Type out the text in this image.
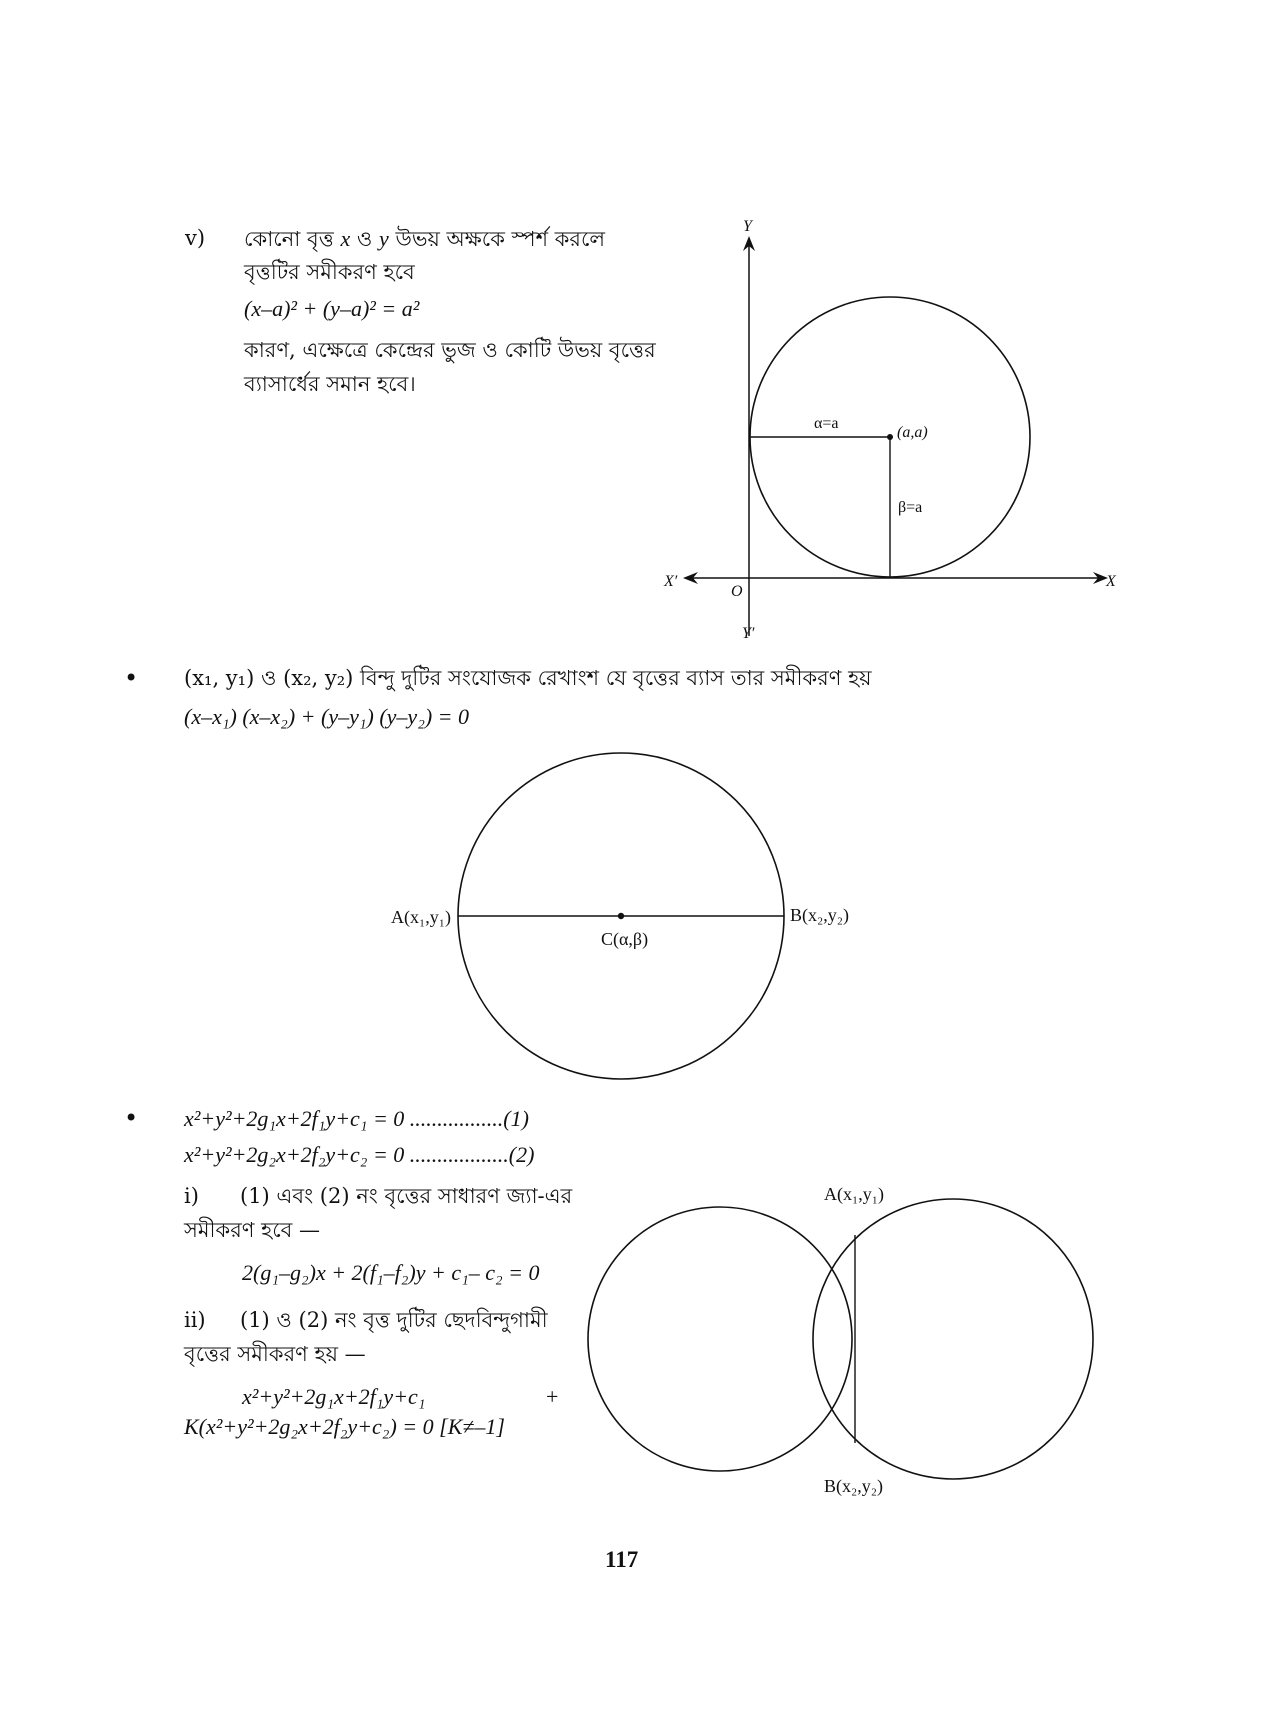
v) কোনো বৃত্ত x ও y উভয় অক্ষকে স্পর্শ করলে
বৃত্তটির সমীকরণ হবে
(x–a)² + (y–a)² = a²
কারণ, এক্ষেত্রে কেন্দ্রের ভুজ ও কোটি উভয় বৃত্তের
ব্যাসার্ধের সমান হবে।
Y
Y′
X
X′
O
(a,a)
α=a
β=a
• (x₁, y₁) ও (x₂, y₂) বিন্দু দুটির সংযোজক রেখাংশ যে বৃত্তের ব্যাস তার সমীকরণ হয়
(x–x₁) (x–x₂) + (y–y₁) (y–y₂) = 0
A(x₁,y₁)	B(x₂,y₂)
C(α,β)
• x²+y²+2g₁x+2f₁y+c₁ = 0 .................(1)
x²+y²+2g₂x+2f₂y+c₂ = 0 ..................(2)
i) (1) এবং (2) নং বৃত্তের সাধারণ জ্যা-এর
সমীকরণ হবে —
2(g₁–g₂)x + 2(f₁–f₂)y + c₁– c₂ = 0
ii) (1) ও (2) নং বৃত্ত দুটির ছেদবিন্দুগামী
বৃত্তের সমীকরণ হয় —
x²+y²+2g₁x+2f₁y+c₁	+
K(x²+y²+2g₂x+2f₂y+c₂) = 0 [K≠–1]
A(x₁,y₁)
B(x₂,y₂)
117
